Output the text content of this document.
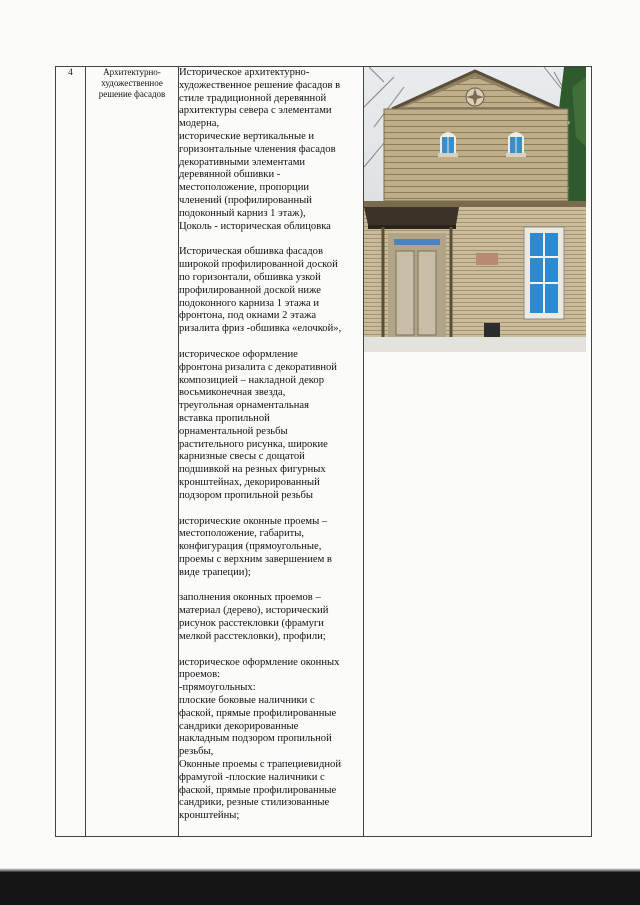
4	Архитектурно-художественное решение фасадов	
Историческое архитектурно-
художественное решение фасадов в
стиле традиционной деревянной
архитектуры севера с элементами
модерна,
исторические вертикальные и
горизонтальные членения фасадов
декоративными элементами
деревянной обшивки -
местоположение, пропорции
членений (профилированный
подоконный карниз 1 этаж),
Цоколь - историческая облицовка
Историческая обшивка фасадов
широкой профилированной доской
по горизонтали, обшивка узкой
профилированной доской ниже
подоконного карниза 1 этажа и
фронтона, под окнами 2 этажа
ризалита фриз -обшивка «елочкой»,
историческое оформление
фронтона ризалита с декоративной
композицией – накладной декор
восьмиконечная звезда,
треугольная орнаментальная
вставка пропильной
орнаментальной резьбы
растительного рисунка, широкие
карнизные свесы с дощатой
подшивкой на резных фигурных
кронштейнах, декорированный
подзором пропильной резьбы
исторические оконные проемы –
местоположение, габариты,
конфигурация (прямоугольные,
проемы с верхним завершением в
виде трапеции);
заполнения оконных проемов –
материал (дерево), исторический
рисунок расстекловки (фрамуги
мелкой расстекловки), профили;
историческое оформление оконных
проемов:
-прямоугольных:
плоские боковые наличники с
фаской, прямые профилированные
сандрики декорированные
накладным подзором пропильной
резьбы,
Оконные проемы с трапециевидной
фрамугой -плоские наличники с
фаской, прямые профилированные
сандрики, резные стилизованные
кронштейны;
